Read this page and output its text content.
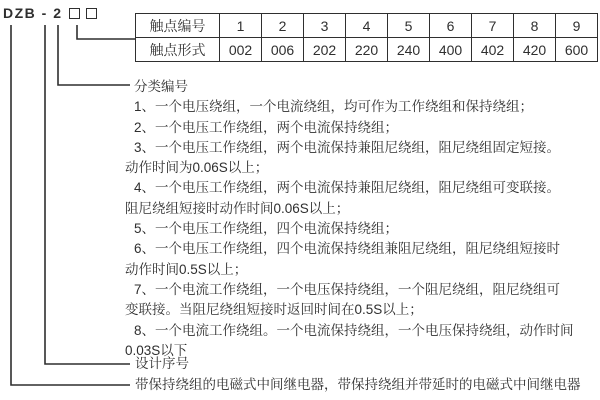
DZB - 2
触点编号	1	2	3	4	5	6	7	8	9
触点形式	002	006	202	220	240	400	402	420	600
分类编号
1、一个电压绕组，一个电流绕组，均可作为工作绕组和保持绕组；
2、一个电压工作绕组，两个电流保持绕组；
3、一个电压工作绕组，两个电流保持兼阻尼绕组，阻尼绕组固定短接。
动作时间为0.06S以上；
4、一个电压工作绕组，两个电流保持兼阻尼绕组，阻尼绕组可变联接。
阻尼绕组短接时动作时间0.06S以上；
5、一个电压工作绕组，四个电流保持绕组；
6、一个电压工作绕组，四个电流保持绕组兼阻尼绕组，阻尼绕组短接时
动作时间0.5S以上；
7、一个电流工作绕组，一个电压保持绕组，一个阻尼绕组，阻尼绕组可
变联接。当阻尼绕组短接时返回时间在0.5S以上；
8、一个电流工作绕组。一个电流保持绕组，一个电压保持绕组，动作时间
0.03S以下
设计序号
带保持绕组的电磁式中间继电器，带保持绕组并带延时的电磁式中间继电器
